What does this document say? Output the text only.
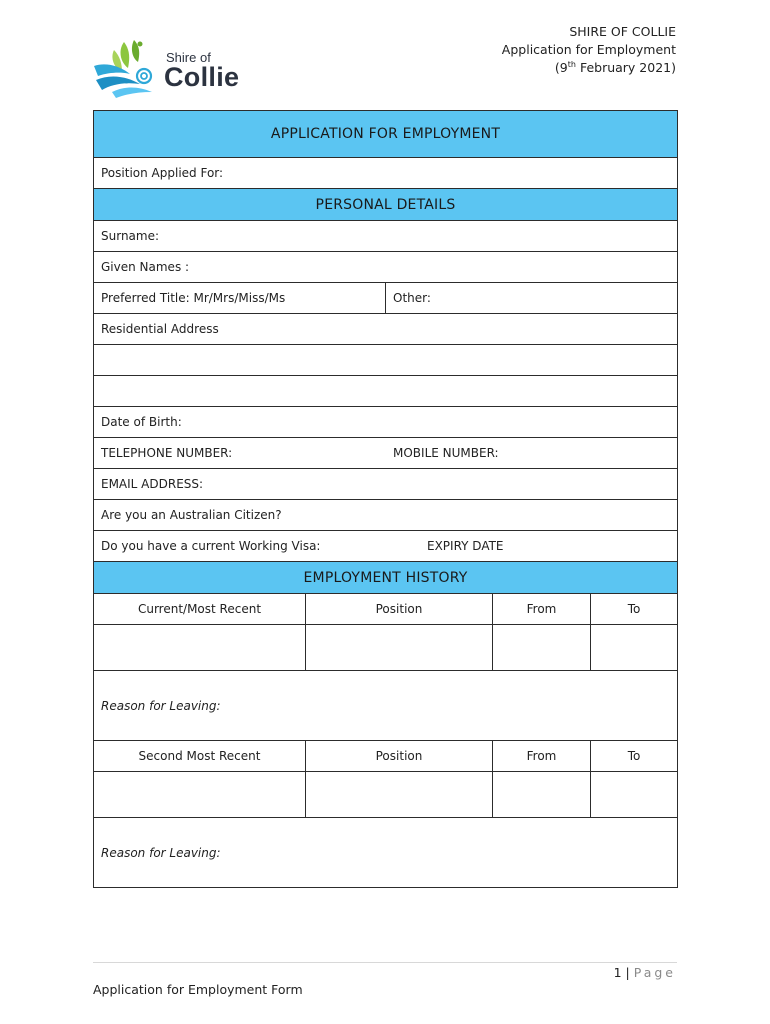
Shire of
Collie
SHIRE OF COLLIE
Application for Employment
(9th February 2021)
APPLICATION FOR EMPLOYMENT				
Position Applied For:				
PERSONAL DETAILS				
Surname:				
Given Names :				
Preferred Title: Mr/Mrs/Miss/Ms		Other:		
Residential Address				

Date of Birth:				

TELEPHONE NUMBER: MOBILE NUMBER:				

EMAIL ADDRESS:				
Are you an Australian Citizen?				

Do you have a current Working Visa: EXPIRY DATE				

EMPLOYMENT HISTORY				
Current/Most Recent	Position		From	To

Reason for Leaving:				
Second Most Recent	Position		From	To

Reason for Leaving:				
1 | Page
Application for Employment Form
